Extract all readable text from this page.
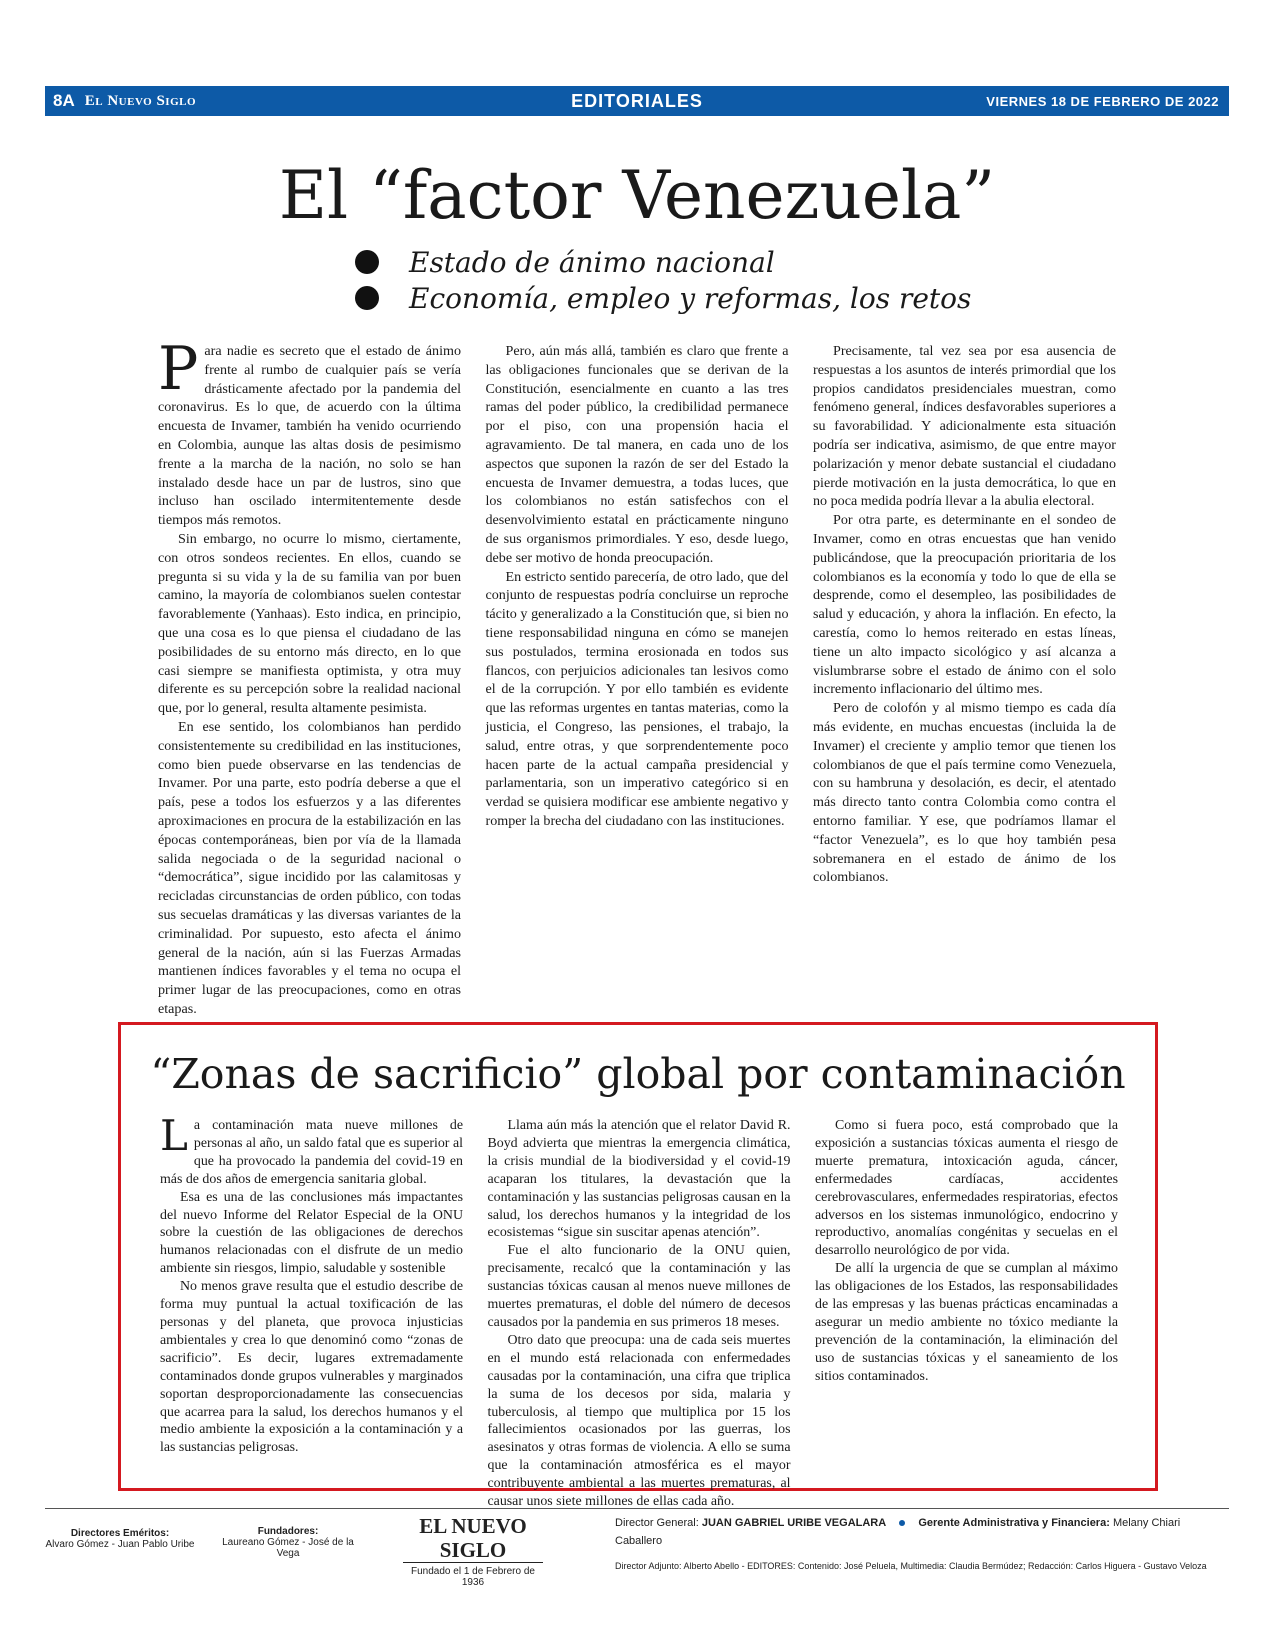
8A El Nuevo Siglo	EDITORIALES	VIERNES 18 DE FEBRERO DE 2022
El “factor Venezuela”
Estado de ánimo nacional
Economía, empleo y reformas, los retos

Para nadie es secreto que el estado de ánimo frente al rumbo de cualquier país se vería drásticamente afectado por la pandemia del coronavirus. Es lo que, de acuerdo con la última encuesta de Invamer, también ha venido ocurriendo en Colombia, aunque las altas dosis de pesimismo frente a la marcha de la nación, no solo se han instalado desde hace un par de lustros, sino que incluso han oscilado intermitentemente desde tiempos más remotos.

Sin embargo, no ocurre lo mismo, ciertamente, con otros sondeos recientes. En ellos, cuando se pregunta si su vida y la de su familia van por buen camino, la mayoría de colombianos suelen contestar favorablemente (Yanhaas). Esto indica, en principio, que una cosa es lo que piensa el ciudadano de las posibilidades de su entorno más directo, en lo que casi siempre se manifiesta optimista, y otra muy diferente es su percepción sobre la realidad nacional que, por lo general, resulta altamente pesimista.

En ese sentido, los colombianos han perdido consistentemente su credibilidad en las instituciones, como bien puede observarse en las tendencias de Invamer. Por una parte, esto podría deberse a que el país, pese a todos los esfuerzos y a las diferentes aproximaciones en procura de la estabilización en las épocas contemporáneas, bien por vía de la llamada salida negociada o de la seguridad nacional o “democrática”, sigue incidido por las calamitosas y recicladas circunstancias de orden público, con todas sus secuelas dramáticas y las diversas variantes de la criminalidad. Por supuesto, esto afecta el ánimo general de la nación, aún si las Fuerzas Armadas mantienen índices favorables y el tema no ocupa el primer lugar de las preocupaciones, como en otras etapas.

Pero, aún más allá, también es claro que frente a las obligaciones funcionales que se derivan de la Constitución, esencialmente en cuanto a las tres ramas del poder público, la credibilidad permanece por el piso, con una propensión hacia el agravamiento. De tal manera, en cada uno de los aspectos que suponen la razón de ser del Estado la encuesta de Invamer demuestra, a todas luces, que los colombianos no están satisfechos con el desenvolvimiento estatal en prácticamente ninguno de sus organismos primordiales. Y eso, desde luego, debe ser motivo de honda preocupación.

En estricto sentido parecería, de otro lado, que del conjunto de respuestas podría concluirse un reproche tácito y generalizado a la Constitución que, si bien no tiene responsabilidad ninguna en cómo se manejen sus postulados, termina erosionada en todos sus flancos, con perjuicios adicionales tan lesivos como el de la corrupción. Y por ello también es evidente que las reformas urgentes en tantas materias, como la justicia, el Congreso, las pensiones, el trabajo, la salud, entre otras, y que sorprendentemente poco hacen parte de la actual campaña presidencial y parlamentaria, son un imperativo categórico si en verdad se quisiera modificar ese ambiente negativo y romper la brecha del ciudadano con las instituciones.

Precisamente, tal vez sea por esa ausencia de respuestas a los asuntos de interés primordial que los propios candidatos presidenciales muestran, como fenómeno general, índices desfavorables superiores a su favorabilidad. Y adicionalmente esta situación podría ser indicativa, asimismo, de que entre mayor polarización y menor debate sustancial el ciudadano pierde motivación en la justa democrática, lo que en no poca medida podría llevar a la abulia electoral.

Por otra parte, es determinante en el sondeo de Invamer, como en otras encuestas que han venido publicándose, que la preocupación prioritaria de los colombianos es la economía y todo lo que de ella se desprende, como el desempleo, las posibilidades de salud y educación, y ahora la inflación. En efecto, la carestía, como lo hemos reiterado en estas líneas, tiene un alto impacto sicológico y así alcanza a vislumbrarse sobre el estado de ánimo con el solo incremento inflacionario del último mes.

Pero de colofón y al mismo tiempo es cada día más evidente, en muchas encuestas (incluida la de Invamer) el creciente y amplio temor que tienen los colombianos de que el país termine como Venezuela, con su hambruna y desolación, es decir, el atentado más directo tanto contra Colombia como contra el entorno familiar. Y ese, que podríamos llamar el “factor Venezuela”, es lo que hoy también pesa sobremanera en el estado de ánimo de los colombianos.

“Zonas de sacrificio” global por contaminación

La contaminación mata nueve millones de personas al año, un saldo fatal que es superior al que ha provocado la pandemia del covid-19 en más de dos años de emergencia sanitaria global.

Esa es una de las conclusiones más impactantes del nuevo Informe del Relator Especial de la ONU sobre la cuestión de las obligaciones de derechos humanos relacionadas con el disfrute de un medio ambiente sin riesgos, limpio, saludable y sostenible

No menos grave resulta que el estudio describe de forma muy puntual la actual toxificación de las personas y del planeta, que provoca injusticias ambientales y crea lo que denominó como “zonas de sacrificio”. Es decir, lugares extremadamente contaminados donde grupos vulnerables y marginados soportan desproporcionadamente las consecuencias que acarrea para la salud, los derechos humanos y el medio ambiente la exposición a la contaminación y a las sustancias peligrosas.

Llama aún más la atención que el relator David R. Boyd advierta que mientras la emergencia climática, la crisis mundial de la biodiversidad y el covid-19 acaparan los titulares, la devastación que la contaminación y las sustancias peligrosas causan en la salud, los derechos humanos y la integridad de los ecosistemas “sigue sin suscitar apenas atención”.

Fue el alto funcionario de la ONU quien, precisamente, recalcó que la contaminación y las sustancias tóxicas causan al menos nueve millones de muertes prematuras, el doble del número de decesos causados por la pandemia en sus primeros 18 meses.

Otro dato que preocupa: una de cada seis muertes en el mundo está relacionada con enfermedades causadas por la contaminación, una cifra que triplica la suma de los decesos por sida, malaria y tuberculosis, al tiempo que multiplica por 15 los fallecimientos ocasionados por las guerras, los asesinatos y otras formas de violencia. A ello se suma que la contaminación atmosférica es el mayor contribuyente ambiental a las muertes prematuras, al causar unos siete millones de ellas cada año.

Como si fuera poco, está comprobado que la exposición a sustancias tóxicas aumenta el riesgo de muerte prematura, intoxicación aguda, cáncer, enfermedades cardíacas, accidentes cerebrovasculares, enfermedades respiratorias, efectos adversos en los sistemas inmunológico, endocrino y reproductivo, anomalías congénitas y secuelas en el desarrollo neurológico de por vida.

De allí la urgencia de que se cumplan al máximo las obligaciones de los Estados, las responsabilidades de las empresas y las buenas prácticas encaminadas a asegurar un medio ambiente no tóxico mediante la prevención de la contaminación, la eliminación del uso de sustancias tóxicas y el saneamiento de los sitios contaminados.

Directores Eméritos:
Alvaro Gómez - Juan Pablo Uribe
Fundadores:
Laureano Gómez - José de la Vega
EL NUEVO SIGLO
Fundado el 1 de Febrero de 1936
Director General: JUAN GABRIEL URIBE VEGALARA	Gerente Administrativa y Financiera: Melany Chiari Caballero
Director Adjunto: Alberto Abello - EDITORES: Contenido: José Peluela, Multimedia: Claudia Bermúdez; Redacción: Carlos Higuera - Gustavo Veloza
